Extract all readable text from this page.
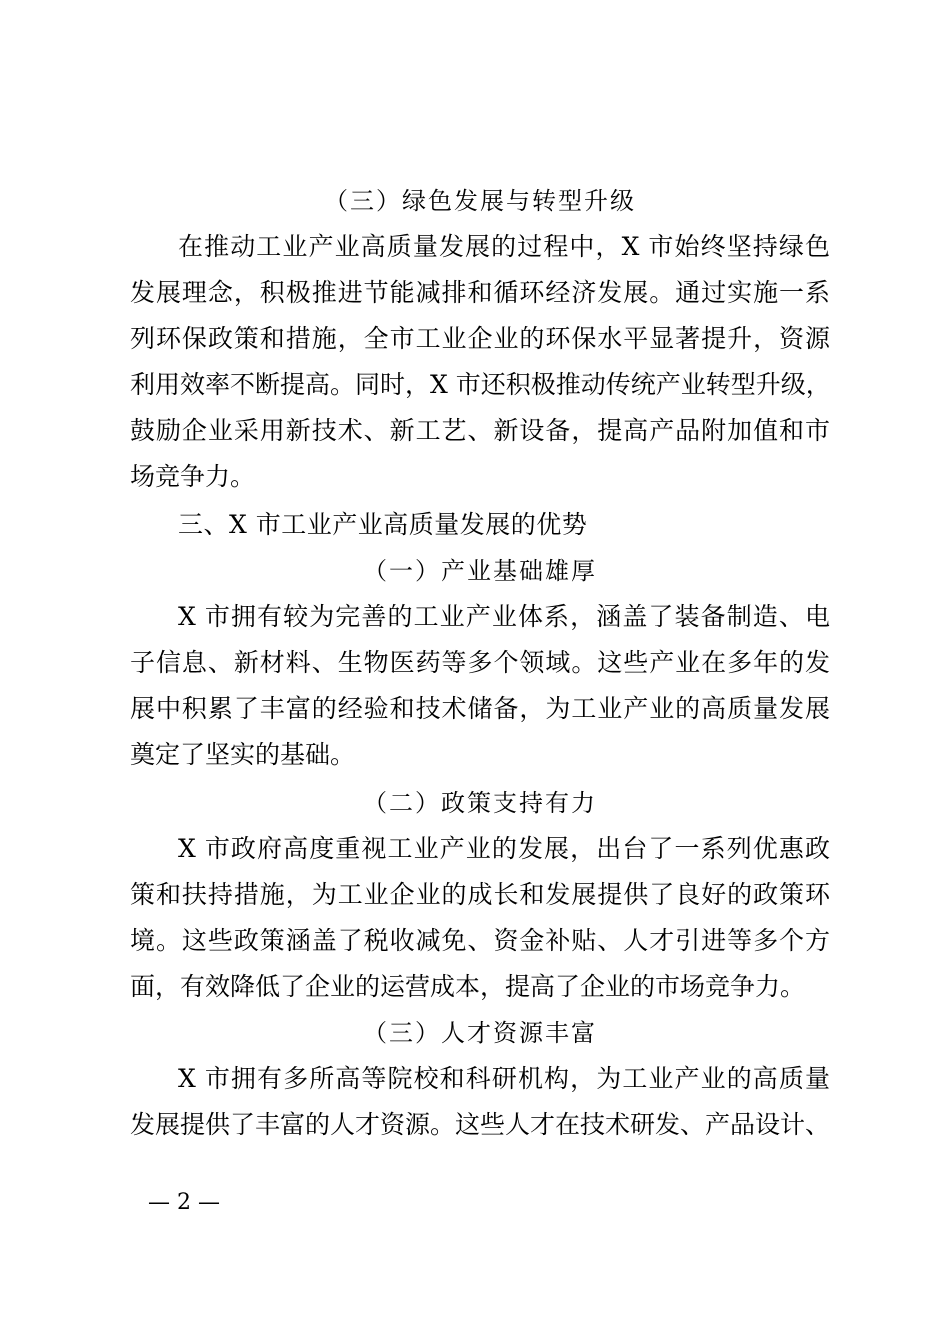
（三）绿色发展与转型升级
在推动工业产业高质量发展的过程中，X 市始终坚持绿色
发展理念，积极推进节能减排和循环经济发展。通过实施一系
列环保政策和措施，全市工业企业的环保水平显著提升，资源
利用效率不断提高。同时，X 市还积极推动传统产业转型升级，
鼓励企业采用新技术、新工艺、新设备，提高产品附加值和市
场竞争力。
三、X 市工业产业高质量发展的优势
（一）产业基础雄厚
X 市拥有较为完善的工业产业体系，涵盖了装备制造、电
子信息、新材料、生物医药等多个领域。这些产业在多年的发
展中积累了丰富的经验和技术储备，为工业产业的高质量发展
奠定了坚实的基础。
（二）政策支持有力
X 市政府高度重视工业产业的发展，出台了一系列优惠政
策和扶持措施，为工业企业的成长和发展提供了良好的政策环
境。这些政策涵盖了税收减免、资金补贴、人才引进等多个方
面，有效降低了企业的运营成本，提高了企业的市场竞争力。
（三）人才资源丰富
X 市拥有多所高等院校和科研机构，为工业产业的高质量
发展提供了丰富的人才资源。这些人才在技术研发、产品设计、
— 2 —
